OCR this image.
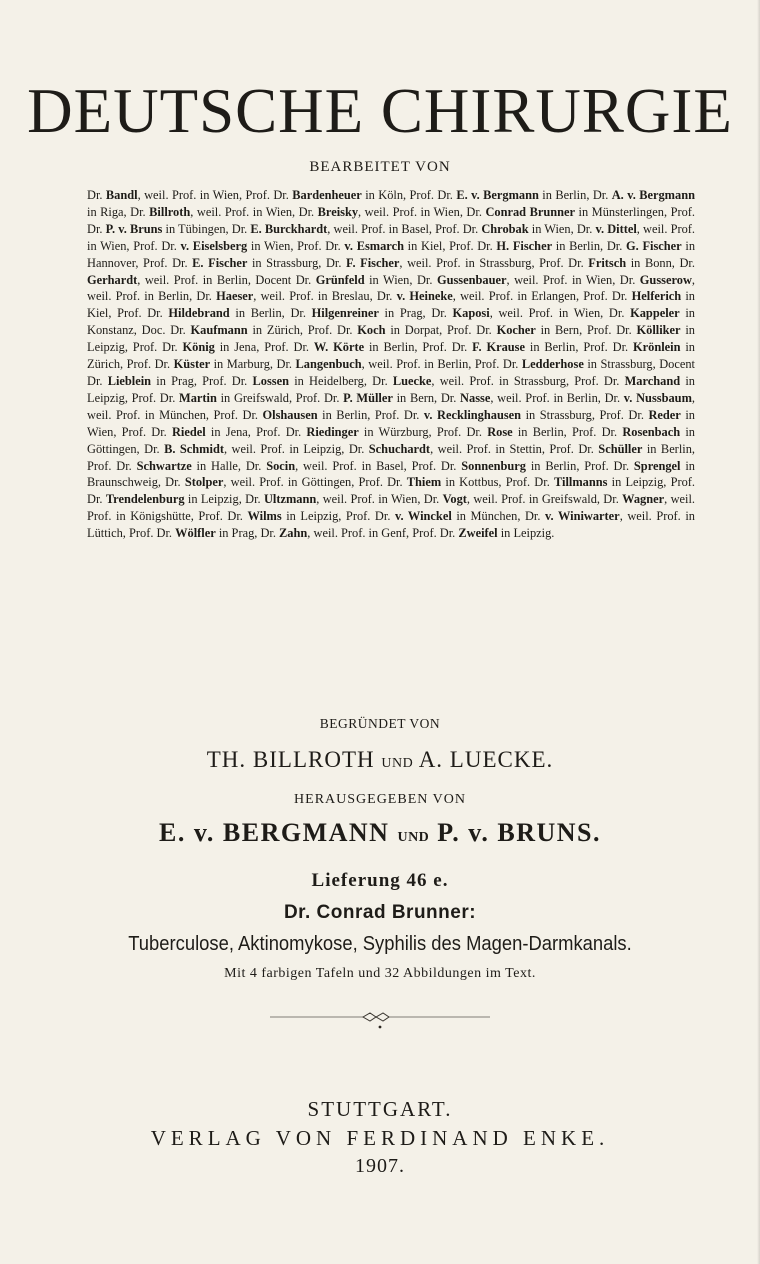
DEUTSCHE CHIRURGIE
BEARBEITET VON
Dr. Bandl, weil. Prof. in Wien, Prof. Dr. Bardenheuer in Köln, Prof. Dr. E. v. Bergmann in Berlin, Dr. A. v. Bergmann in Riga, Dr. Billroth, weil. Prof. in Wien, Dr. Breisky, weil. Prof. in Wien, Dr. Conrad Brunner in Münsterlingen, Prof. Dr. P. v. Bruns in Tübingen, Dr. E. Burckhardt, weil. Prof. in Basel, Prof. Dr. Chrobak in Wien, Dr. v. Dittel, weil. Prof. in Wien, Prof. Dr. v. Eiselsberg in Wien, Prof. Dr. v. Esmarch in Kiel, Prof. Dr. H. Fischer in Berlin, Dr. G. Fischer in Hannover, Prof. Dr. E. Fischer in Strassburg, Dr. F. Fischer, weil. Prof. in Strassburg, Prof. Dr. Fritsch in Bonn, Dr. Gerhardt, weil. Prof. in Berlin, Docent Dr. Grünfeld in Wien, Dr. Gussenbauer, weil. Prof. in Wien, Dr. Gusserow, weil. Prof. in Berlin, Dr. Haeser, weil. Prof. in Breslau, Dr. v. Heineke, weil. Prof. in Erlangen, Prof. Dr. Helferich in Kiel, Prof. Dr. Hildebrand in Berlin, Dr. Hilgenreiner in Prag, Dr. Kaposi, weil. Prof. in Wien, Dr. Kappeler in Konstanz, Doc. Dr. Kaufmann in Zürich, Prof. Dr. Koch in Dorpat, Prof. Dr. Kocher in Bern, Prof. Dr. Kölliker in Leipzig, Prof. Dr. König in Jena, Prof. Dr. W. Körte in Berlin, Prof. Dr. F. Krause in Berlin, Prof. Dr. Krönlein in Zürich, Prof. Dr. Küster in Marburg, Dr. Langenbuch, weil. Prof. in Berlin, Prof. Dr. Ledderhose in Strassburg, Docent Dr. Lieblein in Prag, Prof. Dr. Lossen in Heidelberg, Dr. Luecke, weil. Prof. in Strassburg, Prof. Dr. Marchand in Leipzig, Prof. Dr. Martin in Greifswald, Prof. Dr. P. Müller in Bern, Dr. Nasse, weil. Prof. in Berlin, Dr. v. Nussbaum, weil. Prof. in München, Prof. Dr. Olshausen in Berlin, Prof. Dr. v. Recklinghausen in Strassburg, Prof. Dr. Reder in Wien, Prof. Dr. Riedel in Jena, Prof. Dr. Riedinger in Würzburg, Prof. Dr. Rose in Berlin, Prof. Dr. Rosenbach in Göttingen, Dr. B. Schmidt, weil. Prof. in Leipzig, Dr. Schuchardt, weil. Prof. in Stettin, Prof. Dr. Schüller in Berlin, Prof. Dr. Schwartze in Halle, Dr. Socin, weil. Prof. in Basel, Prof. Dr. Sonnenburg in Berlin, Prof. Dr. Sprengel in Braunschweig, Dr. Stolper, weil. Prof. in Göttingen, Prof. Dr. Thiem in Kottbus, Prof. Dr. Tillmanns in Leipzig, Prof. Dr. Trendelenburg in Leipzig, Dr. Ultzmann, weil. Prof. in Wien, Dr. Vogt, weil. Prof. in Greifswald, Dr. Wagner, weil. Prof. in Königshütte, Prof. Dr. Wilms in Leipzig, Prof. Dr. v. Winckel in München, Dr. v. Winiwarter, weil. Prof. in Lüttich, Prof. Dr. Wölfler in Prag, Dr. Zahn, weil. Prof. in Genf, Prof. Dr. Zweifel in Leipzig.
BEGRÜNDET VON
TH. BILLROTH UND A. LUECKE.
HERAUSGEGEBEN VON
E. v. BERGMANN UND P. v. BRUNS.
Lieferung 46 e.
Dr. Conrad Brunner:
Tuberculose, Aktinomykose, Syphilis des Magen-Darmkanals.
Mit 4 farbigen Tafeln und 32 Abbildungen im Text.
STUTTGART.
VERLAG VON FERDINAND ENKE.
1907.
